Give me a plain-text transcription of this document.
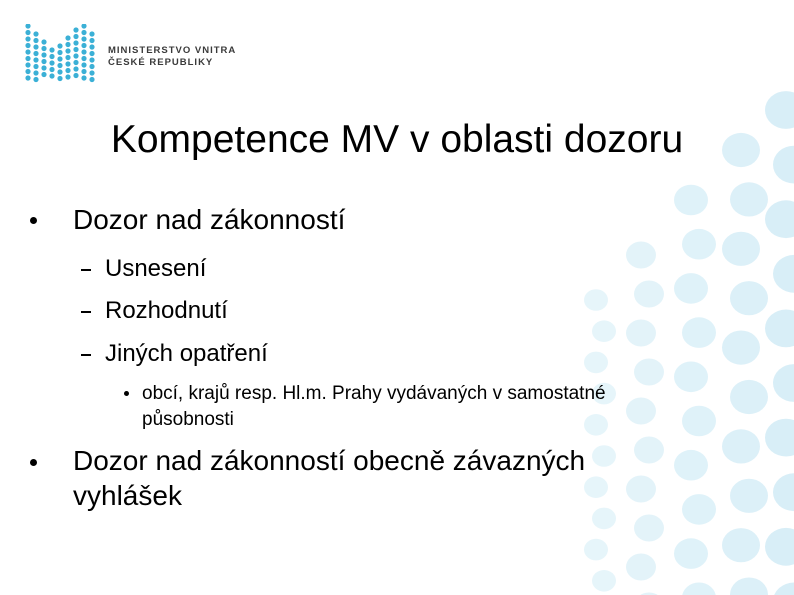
MINISTERSTVO VNITRA
ČESKÉ REPUBLIKY
Kompetence MV v oblasti dozoru
Dozor nad zákonností
Usnesení
Rozhodnutí
Jiných opatření
obcí, krajů resp. Hl.m. Prahy vydávaných v samostatné
působnosti
Dozor nad zákonností obecně závazných
vyhlášek
